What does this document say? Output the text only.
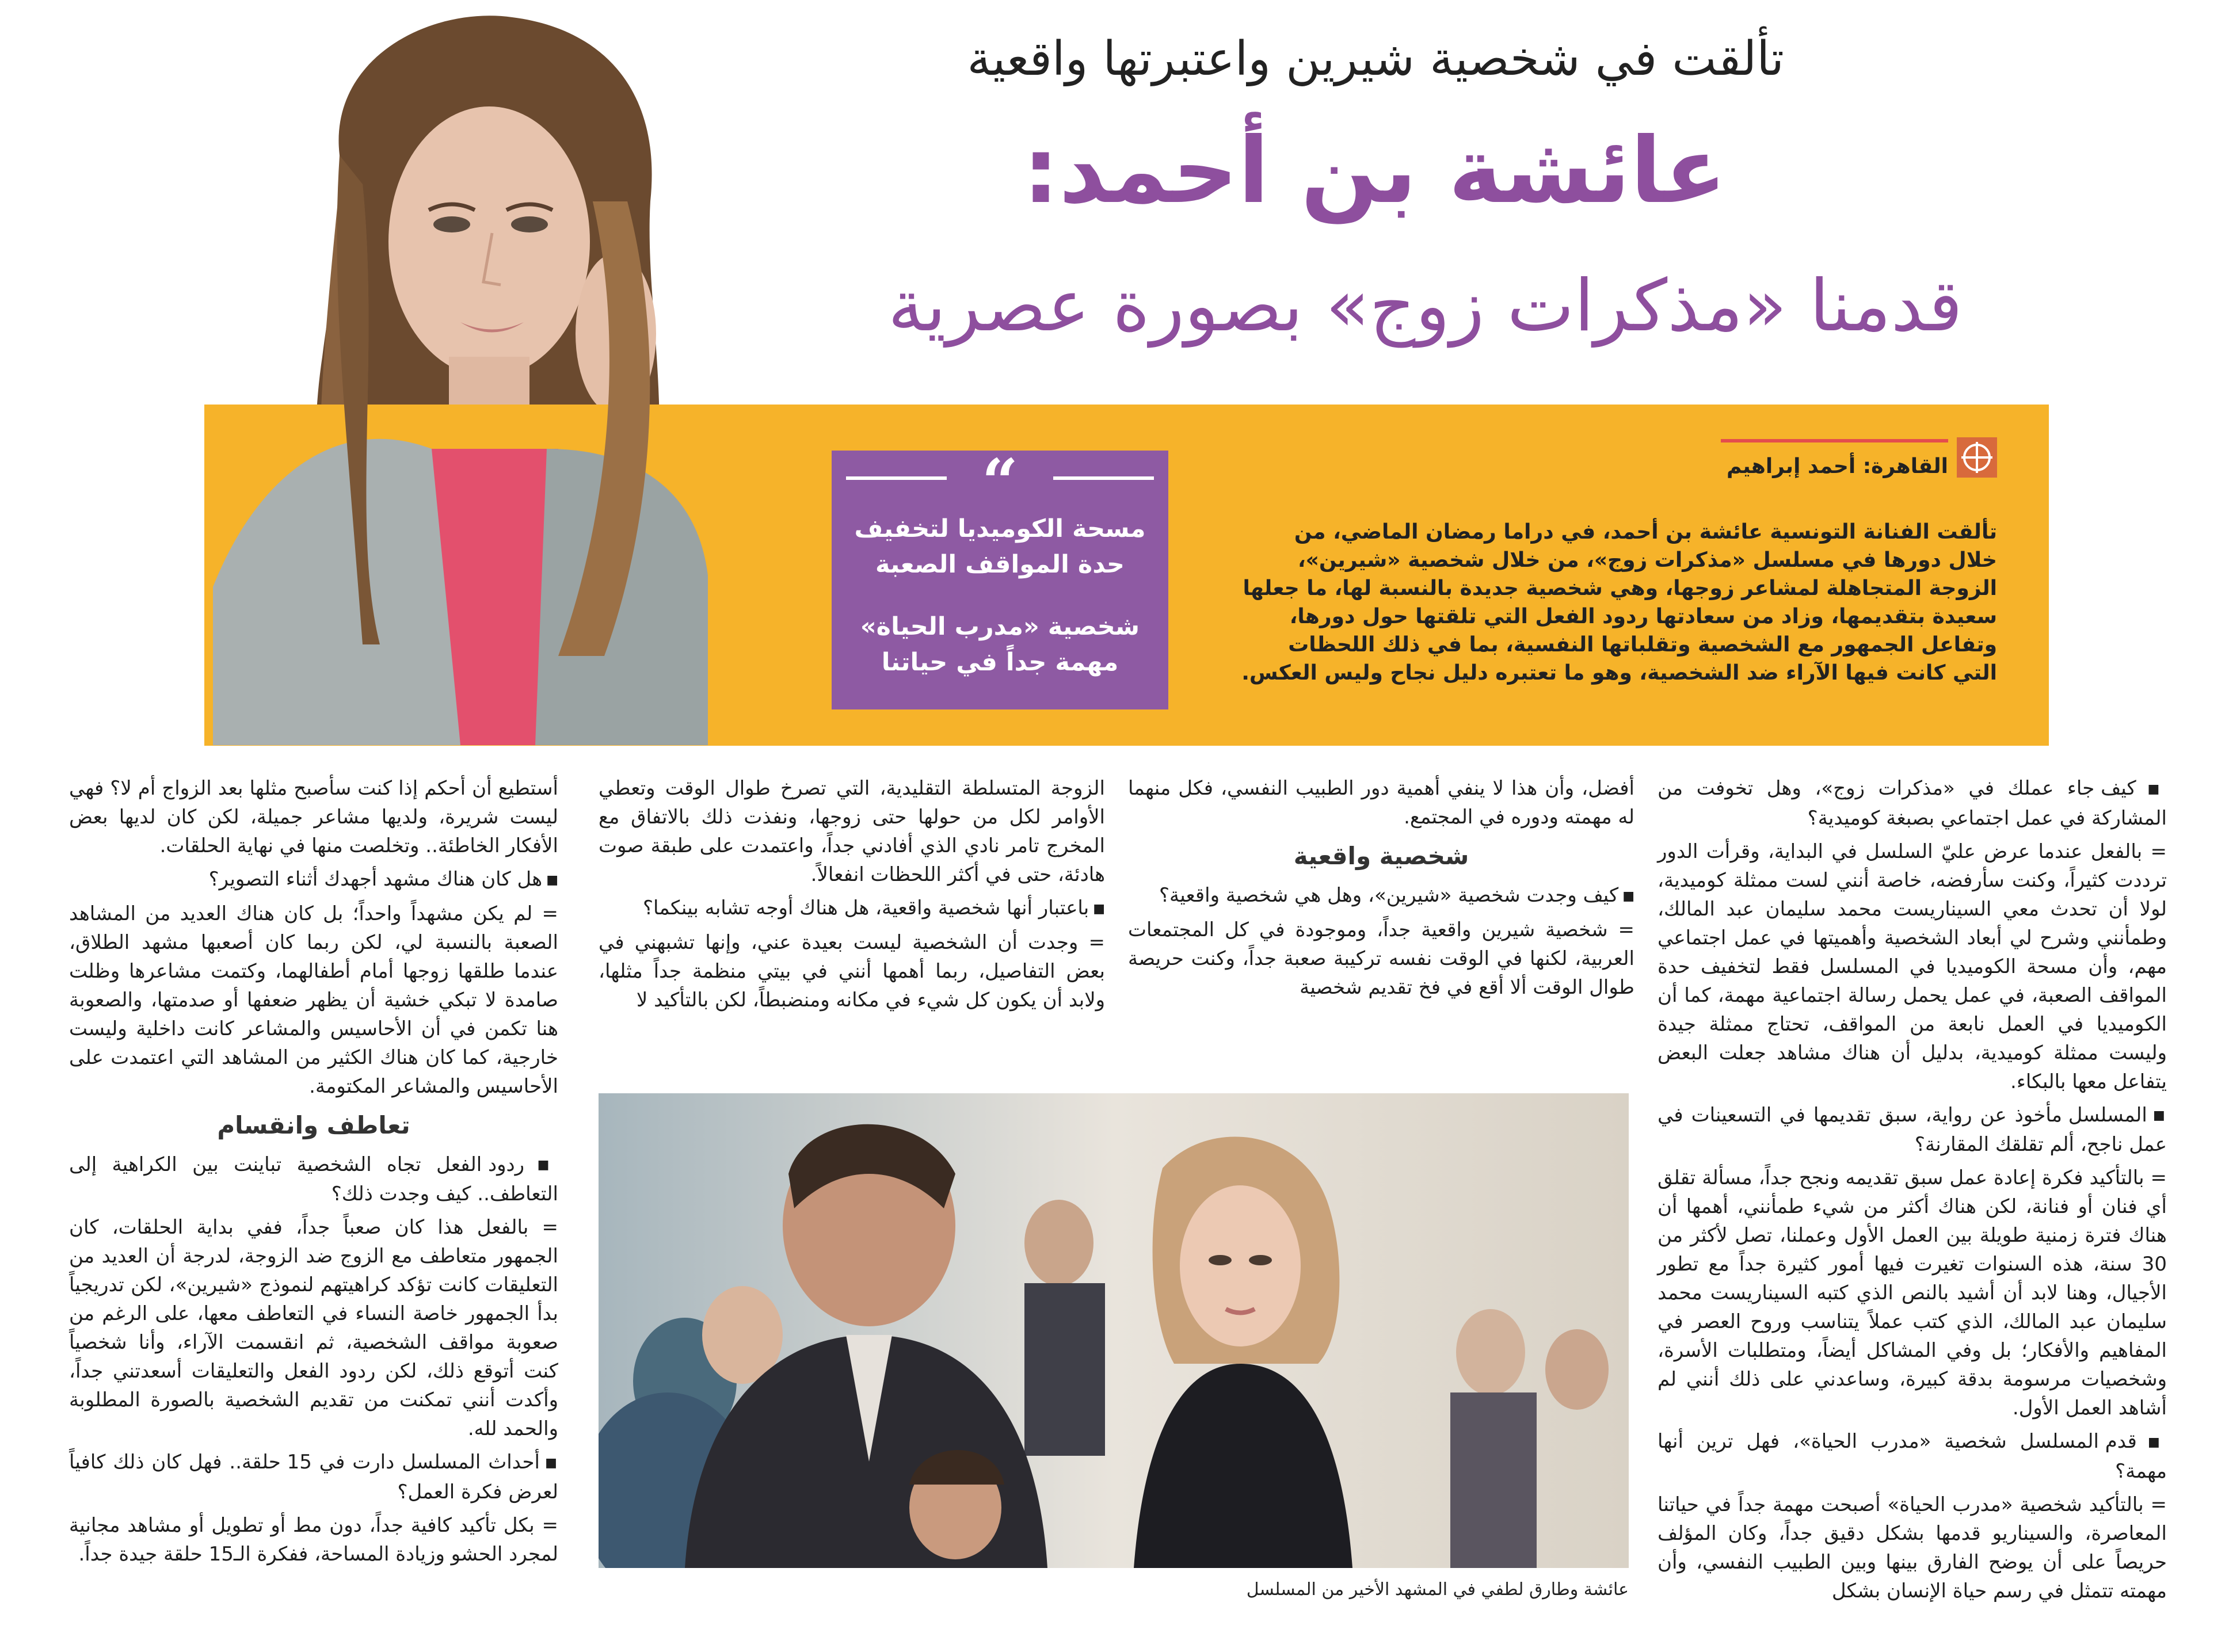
تألقت في شخصية شيرين واعتبرتها واقعية
عائشة بن أحمد:
قدمنا «مذكرات زوج» بصورة عصرية
“
مسحة الكوميديا لتخفيف حدة المواقف الصعبة
شخصية «مدرب الحياة» مهمة جداً في حياتنا
القاهرة: أحمد إبراهيم
تألقت الفنانة التونسية عائشة بن أحمد، في دراما رمضان الماضي، من خلال دورها في مسلسل «مذكرات زوج»، من خلال شخصية «شيرين»، الزوجة المتجاهلة لمشاعر زوجها، وهي شخصية جديدة بالنسبة لها، ما جعلها سعيدة بتقديمها، وزاد من سعادتها ردود الفعل التي تلقتها حول دورها، وتفاعل الجمهور مع الشخصية وتقلباتها النفسية، بما في ذلك اللحظات التي كانت فيها الآراء ضد الشخصية، وهو ما تعتبره دليل نجاح وليس العكس.

■ كيف جاء عملك في «مذكرات زوج»، وهل تخوفت من المشاركة في عمل اجتماعي بصبغة كوميدية؟

= بالفعل عندما عرض عليّ السلسل في البداية، وقرأت الدور ترددت كثيراً، وكنت سأرفضه، خاصة أنني لست ممثلة كوميدية، لولا أن تحدث معي السيناريست محمد سليمان عبد المالك، وطمأنني وشرح لي أبعاد الشخصية وأهميتها في عمل اجتماعي مهم، وأن مسحة الكوميديا في المسلسل فقط لتخفيف حدة المواقف الصعبة، في عمل يحمل رسالة اجتماعية مهمة، كما أن الكوميديا في العمل نابعة من المواقف، تحتاج ممثلة جيدة وليست ممثلة كوميدية، بدليل أن هناك مشاهد جعلت البعض يتفاعل معها بالبكاء.

■ المسلسل مأخوذ عن رواية، سبق تقديمها في التسعينات في عمل ناجح، ألم تقلقك المقارنة؟

= بالتأكيد فكرة إعادة عمل سبق تقديمه ونجح جداً، مسألة تقلق أي فنان أو فنانة، لكن هناك أكثر من شيء طمأنني، أهمها أن هناك فترة زمنية طويلة بين العمل الأول وعملنا، تصل لأكثر من 30 سنة، هذه السنوات تغيرت فيها أمور كثيرة جداً مع تطور الأجيال، وهنا لابد أن أشيد بالنص الذي كتبه السيناريست محمد سليمان عبد المالك، الذي كتب عملاً يتناسب وروح العصر في المفاهيم والأفكار؛ بل وفي المشاكل أيضاً، ومتطلبات الأسرة، وشخصيات مرسومة بدقة كبيرة، وساعدني على ذلك أنني لم أشاهد العمل الأول.

■ قدم المسلسل شخصية «مدرب الحياة»، فهل ترين أنها مهمة؟

= بالتأكيد شخصية «مدرب الحياة» أصبحت مهمة جداً في حياتنا المعاصرة، والسيناريو قدمها بشكل دقيق جداً، وكان المؤلف حريصاً على أن يوضح الفارق بينها وبين الطبيب النفسي، وأن مهمته تتمثل في رسم حياة الإنسان بشكل

أفضل، وأن هذا لا ينفي أهمية دور الطبيب النفسي، فكل منهما له مهمته ودوره في المجتمع.

شخصية واقعية

■ كيف وجدت شخصية «شيرين»، وهل هي شخصية واقعية؟

= شخصية شيرين واقعية جداً، وموجودة في كل المجتمعات العربية، لكنها في الوقت نفسه تركيبة صعبة جداً، وكنت حريصة طوال الوقت ألا أقع في فخ تقديم شخصية

الزوجة المتسلطة التقليدية، التي تصرخ طوال الوقت وتعطي الأوامر لكل من حولها حتى زوجها، ونفذت ذلك بالاتفاق مع المخرج تامر نادي الذي أفادني جداً، واعتمدت على طبقة صوت هادئة، حتى في أكثر اللحظات انفعالاً.

■ باعتبار أنها شخصية واقعية، هل هناك أوجه تشابه بينكما؟

= وجدت أن الشخصية ليست بعيدة عني، وإنها تشبهني في بعض التفاصيل، ربما أهمها أنني في بيتي منظمة جداً مثلها، ولابد أن يكون كل شيء في مكانه ومنضبطاً، لكن بالتأكيد لا

أستطيع أن أحكم إذا كنت سأصبح مثلها بعد الزواج أم لا؟ فهي ليست شريرة، ولديها مشاعر جميلة، لكن كان لديها بعض الأفكار الخاطئة.. وتخلصت منها في نهاية الحلقات.

■ هل كان هناك مشهد أجهدك أثناء التصوير؟

= لم يكن مشهداً واحداً؛ بل كان هناك العديد من المشاهد الصعبة بالنسبة لي، لكن ربما كان أصعبها مشهد الطلاق، عندما طلقها زوجها أمام أطفالهما، وكتمت مشاعرها وظلت صامدة لا تبكي خشية أن يظهر ضعفها أو صدمتها، والصعوبة هنا تكمن في أن الأحاسيس والمشاعر كانت داخلية وليست خارجية، كما كان هناك الكثير من المشاهد التي اعتمدت على الأحاسيس والمشاعر المكتومة.

تعاطف وانقسام

■ ردود الفعل تجاه الشخصية تباينت بين الكراهية إلى التعاطف.. كيف وجدت ذلك؟

= بالفعل هذا كان صعباً جداً، ففي بداية الحلقات، كان الجمهور متعاطف مع الزوج ضد الزوجة، لدرجة أن العديد من التعليقات كانت تؤكد كراهيتهم لنموذج «شيرين»، لكن تدريجياً بدأ الجمهور خاصة النساء في التعاطف معها، على الرغم من صعوبة مواقف الشخصية، ثم انقسمت الآراء، وأنا شخصياً كنت أتوقع ذلك، لكن ردود الفعل والتعليقات أسعدتني جداً، وأكدت أنني تمكنت من تقديم الشخصية بالصورة المطلوبة والحمد لله.

■ أحداث المسلسل دارت في 15 حلقة.. فهل كان ذلك كافياً لعرض فكرة العمل؟

= بكل تأكيد كافية جداً، دون مط أو تطويل أو مشاهد مجانية لمجرد الحشو وزيادة المساحة، ففكرة الـ15 حلقة جيدة جداً.

عائشة وطارق لطفي في المشهد الأخير من المسلسل
